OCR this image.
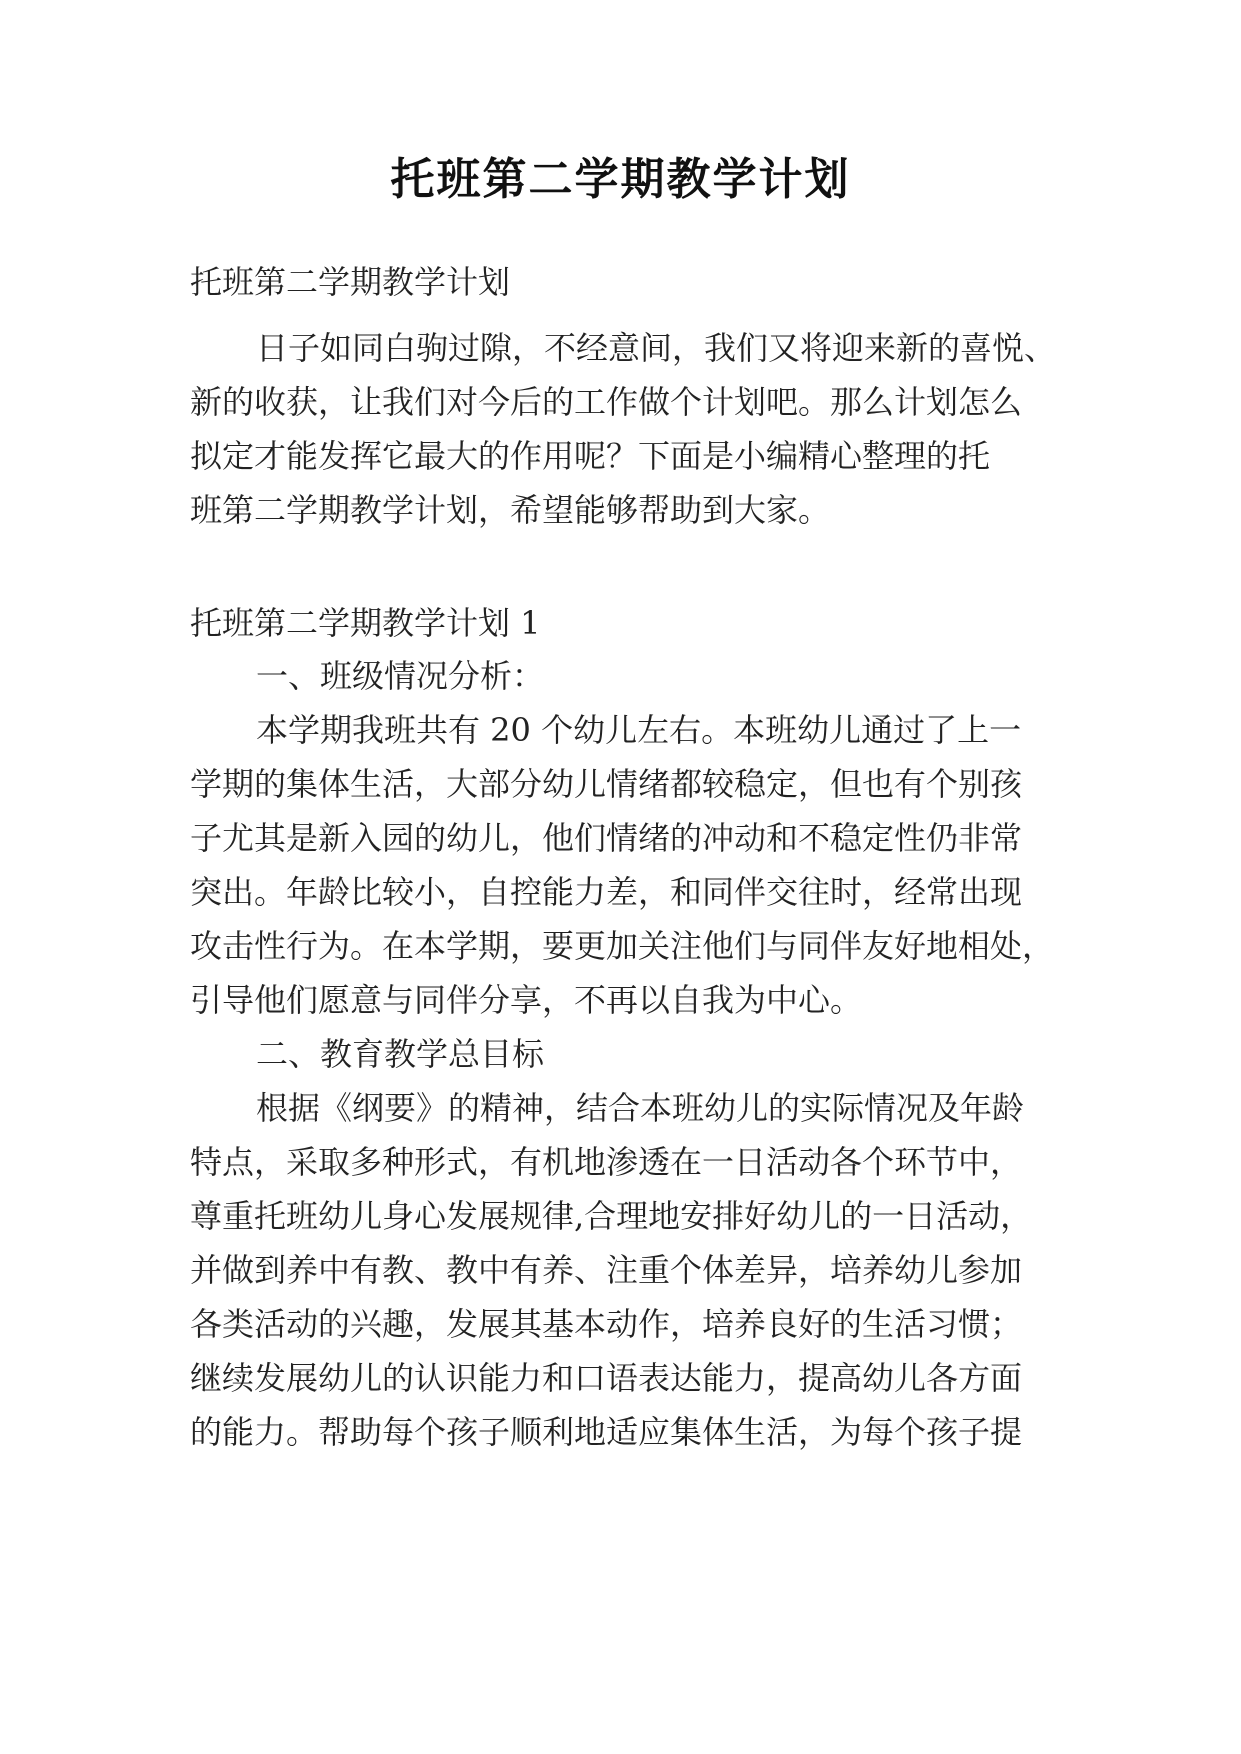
托班第二学期教学计划
托班第二学期教学计划
日子如同白驹过隙，不经意间，我们又将迎来新的喜悦、
新的收获，让我们对今后的工作做个计划吧。那么计划怎么
拟定才能发挥它最大的作用呢？下面是小编精心整理的托
班第二学期教学计划，希望能够帮助到大家。
托班第二学期教学计划 1
一、班级情况分析：
本学期我班共有 20 个幼儿左右。本班幼儿通过了上一
学期的集体生活，大部分幼儿情绪都较稳定，但也有个别孩
子尤其是新入园的幼儿，他们情绪的冲动和不稳定性仍非常
突出。年龄比较小，自控能力差，和同伴交往时，经常出现
攻击性行为。在本学期，要更加关注他们与同伴友好地相处，
引导他们愿意与同伴分享，不再以自我为中心。
二、教育教学总目标
根据《纲要》的精神，结合本班幼儿的实际情况及年龄
特点，采取多种形式，有机地渗透在一日活动各个环节中，
尊重托班幼儿身心发展规律,合理地安排好幼儿的一日活动，
并做到养中有教、教中有养、注重个体差异，培养幼儿参加
各类活动的兴趣，发展其基本动作，培养良好的生活习惯；
继续发展幼儿的认识能力和口语表达能力，提高幼儿各方面
的能力。帮助每个孩子顺利地适应集体生活，为每个孩子提
